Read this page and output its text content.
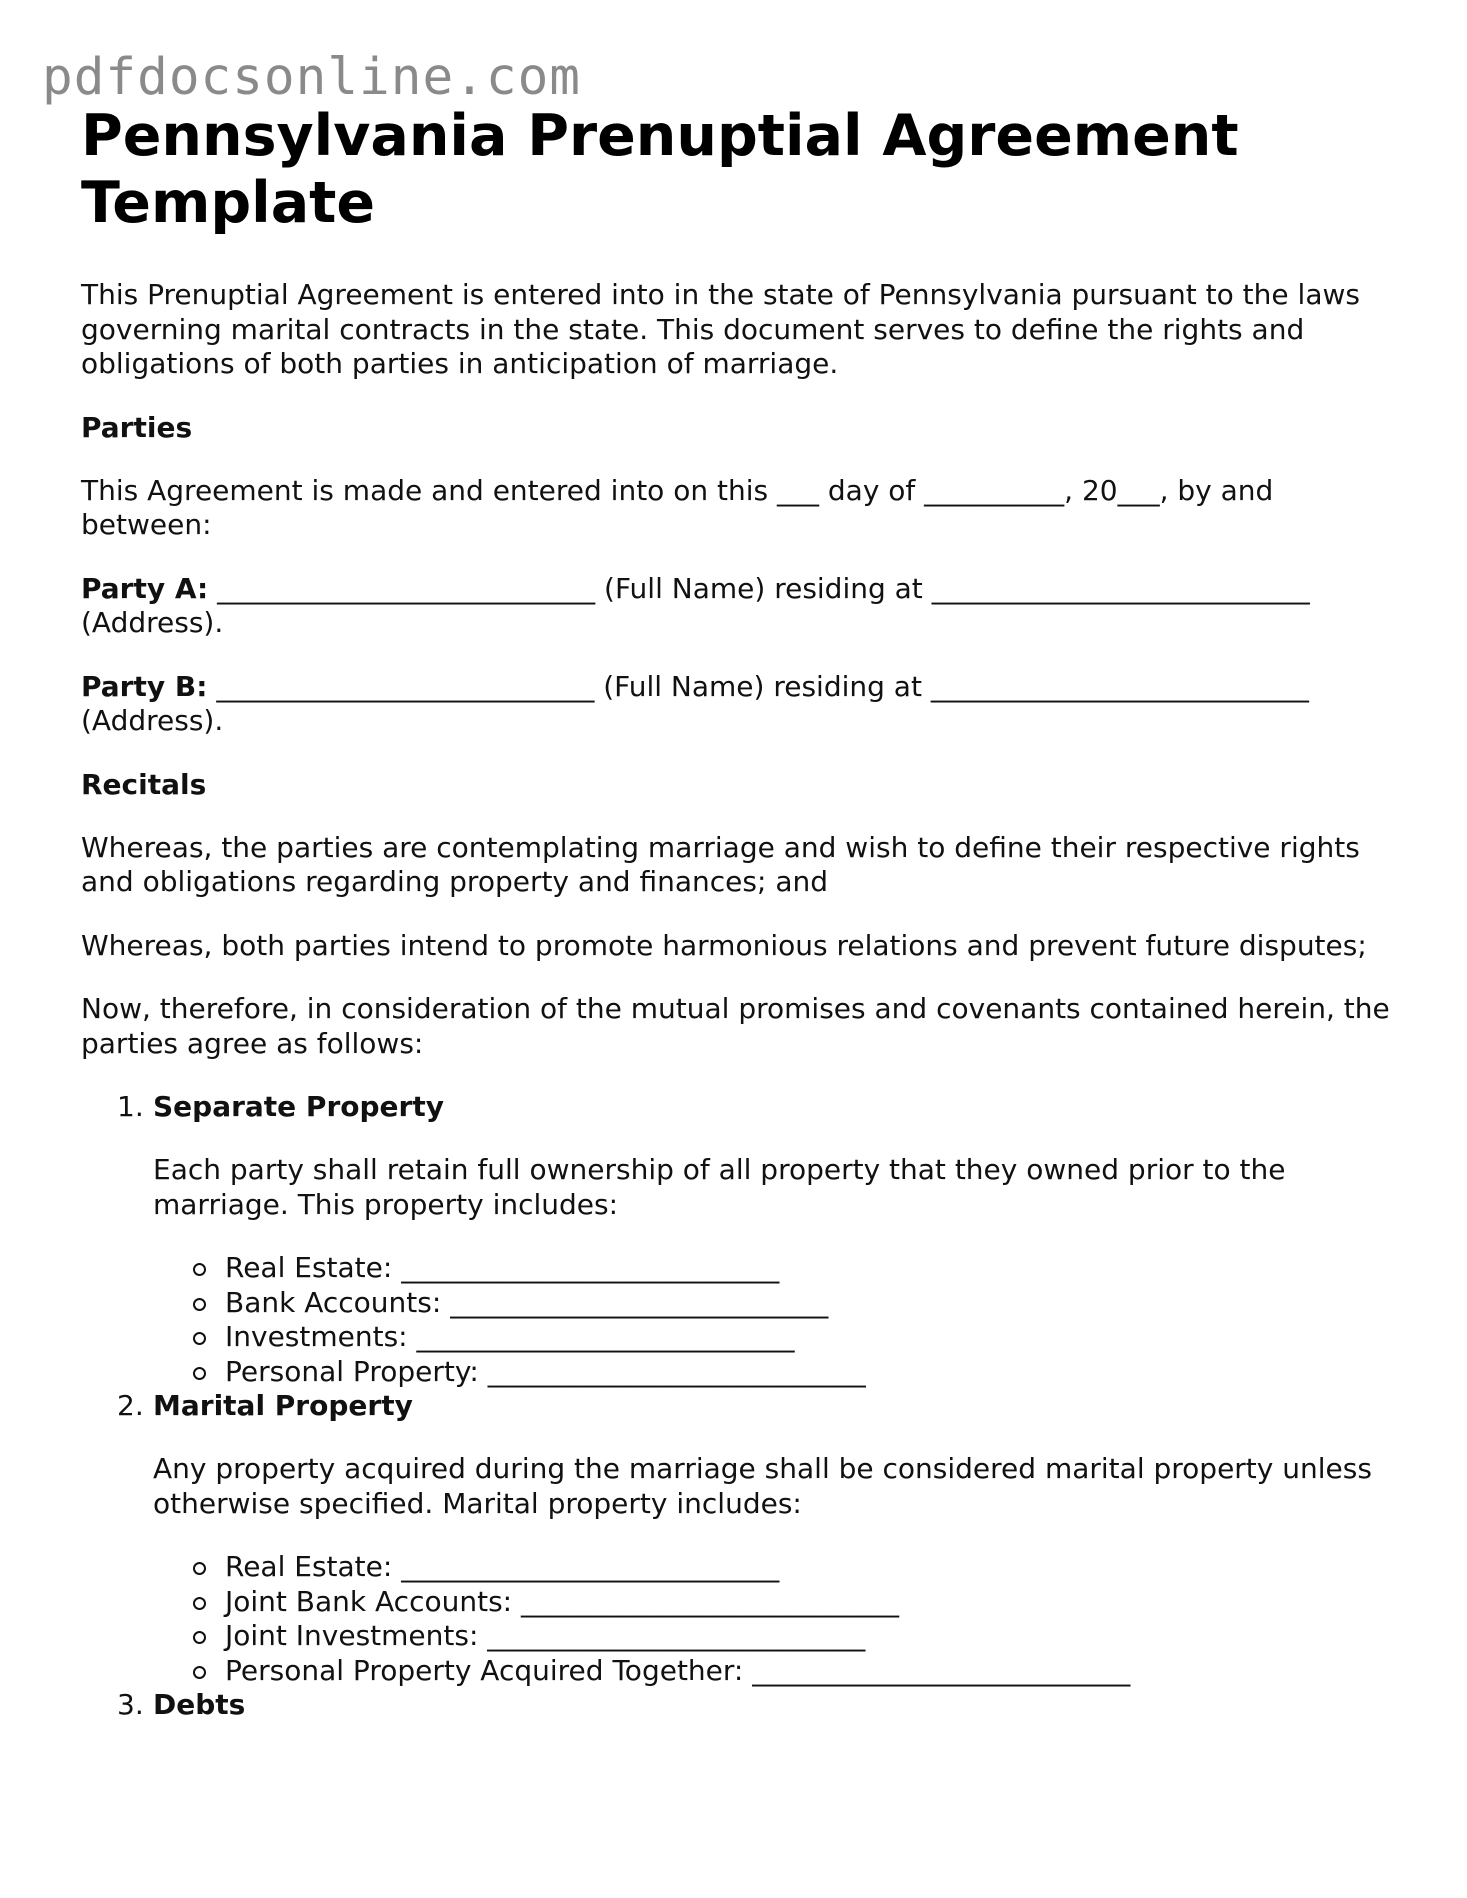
pdfdocsonline.com
Pennsylvania Prenuptial Agreement Template

This Prenuptial Agreement is entered into in the state of Pennsylvania pursuant to the laws governing marital contracts in the state. This document serves to define the rights and obligations of both parties in anticipation of marriage.

Parties

This Agreement is made and entered into on this ___ day of __________, 20___, by and between:

Party A: ___________________________ (Full Name) residing at ___________________________ (Address).

Party B: ___________________________ (Full Name) residing at ___________________________ (Address).

Recitals

Whereas, the parties are contemplating marriage and wish to define their respective rights and obligations regarding property and finances; and

Whereas, both parties intend to promote harmonious relations and prevent future disputes;

Now, therefore, in consideration of the mutual promises and covenants contained herein, the parties agree as follows:

1. Separate Property

Each party shall retain full ownership of all property that they owned prior to the marriage. This property includes:

Real Estate: ___________________________
Bank Accounts: ___________________________
Investments: ___________________________
Personal Property: ___________________________
2. Marital Property

Any property acquired during the marriage shall be considered marital property unless otherwise specified. Marital property includes:

Real Estate: ___________________________
Joint Bank Accounts: ___________________________
Joint Investments: ___________________________
Personal Property Acquired Together: ___________________________
3. Debts
